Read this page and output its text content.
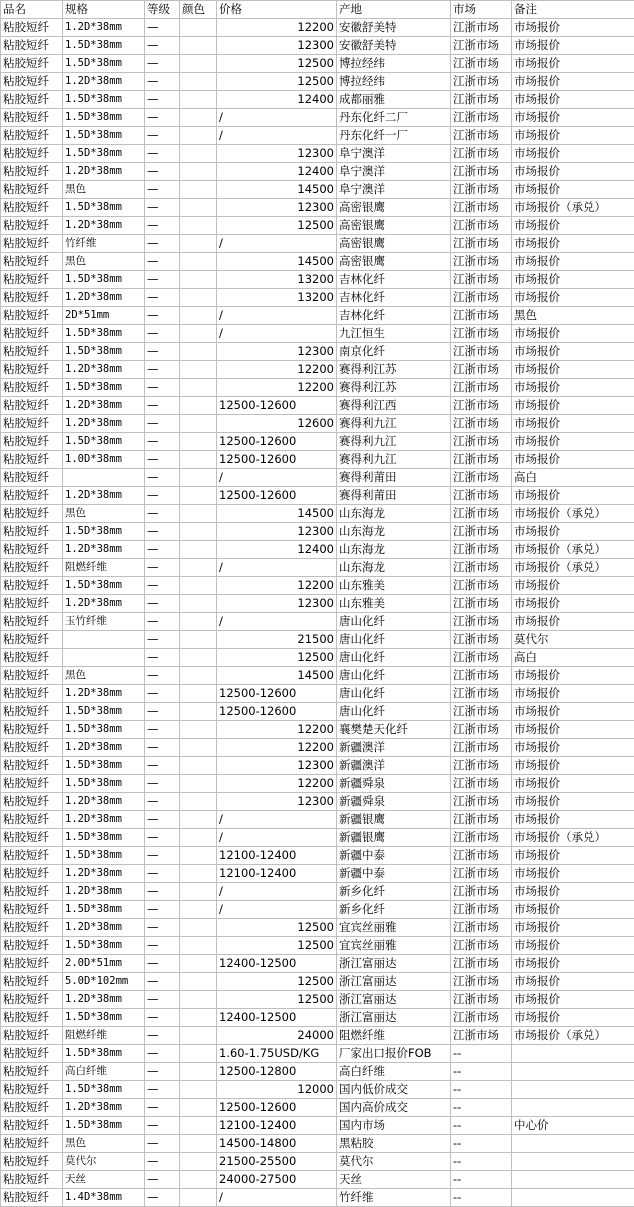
品名	规格	等级	颜色	价格	产地	市场	备注
粘胶短纤	1.2D*38mm	—		12200	安徽舒美特	江浙市场	市场报价
粘胶短纤	1.5D*38mm	—		12300	安徽舒美特	江浙市场	市场报价
粘胶短纤	1.5D*38mm	—		12500	博拉经纬	江浙市场	市场报价
粘胶短纤	1.2D*38mm	—		12500	博拉经纬	江浙市场	市场报价
粘胶短纤	1.5D*38mm	—		12400	成都丽雅	江浙市场	市场报价
粘胶短纤	1.5D*38mm	—		/	丹东化纤二厂	江浙市场	市场报价
粘胶短纤	1.5D*38mm	—		/	丹东化纤一厂	江浙市场	市场报价
粘胶短纤	1.5D*38mm	—		12300	阜宁澳洋	江浙市场	市场报价
粘胶短纤	1.2D*38mm	—		12400	阜宁澳洋	江浙市场	市场报价
粘胶短纤	黑色	—		14500	阜宁澳洋	江浙市场	市场报价
粘胶短纤	1.5D*38mm	—		12300	高密银鹰	江浙市场	市场报价（承兑）
粘胶短纤	1.2D*38mm	—		12500	高密银鹰	江浙市场	市场报价
粘胶短纤	竹纤维	—		/	高密银鹰	江浙市场	市场报价
粘胶短纤	黑色	—		14500	高密银鹰	江浙市场	市场报价
粘胶短纤	1.5D*38mm	—		13200	吉林化纤	江浙市场	市场报价
粘胶短纤	1.2D*38mm	—		13200	吉林化纤	江浙市场	市场报价
粘胶短纤	2D*51mm	—		/	吉林化纤	江浙市场	黑色
粘胶短纤	1.5D*38mm	—		/	九江恒生	江浙市场	市场报价
粘胶短纤	1.5D*38mm	—		12300	南京化纤	江浙市场	市场报价
粘胶短纤	1.2D*38mm	—		12200	赛得利江苏	江浙市场	市场报价
粘胶短纤	1.5D*38mm	—		12200	赛得利江苏	江浙市场	市场报价
粘胶短纤	1.2D*38mm	—		12500-12600	赛得利江西	江浙市场	市场报价
粘胶短纤	1.2D*38mm	—		12600	赛得利九江	江浙市场	市场报价
粘胶短纤	1.5D*38mm	—		12500-12600	赛得利九江	江浙市场	市场报价
粘胶短纤	1.0D*38mm	—		12500-12600	赛得利九江	江浙市场	市场报价
粘胶短纤		—		/	赛得利莆田	江浙市场	高白
粘胶短纤	1.2D*38mm	—		12500-12600	赛得利莆田	江浙市场	市场报价
粘胶短纤	黑色	—		14500	山东海龙	江浙市场	市场报价（承兑）
粘胶短纤	1.5D*38mm	—		12300	山东海龙	江浙市场	市场报价
粘胶短纤	1.2D*38mm	—		12400	山东海龙	江浙市场	市场报价（承兑）
粘胶短纤	阻燃纤维	—		/	山东海龙	江浙市场	市场报价（承兑）
粘胶短纤	1.5D*38mm	—		12200	山东雅美	江浙市场	市场报价
粘胶短纤	1.2D*38mm	—		12300	山东雅美	江浙市场	市场报价
粘胶短纤	玉竹纤维	—		/	唐山化纤	江浙市场	市场报价
粘胶短纤		—		21500	唐山化纤	江浙市场	莫代尔
粘胶短纤		—		12500	唐山化纤	江浙市场	高白
粘胶短纤	黑色	—		14500	唐山化纤	江浙市场	市场报价
粘胶短纤	1.2D*38mm	—		12500-12600	唐山化纤	江浙市场	市场报价
粘胶短纤	1.5D*38mm	—		12500-12600	唐山化纤	江浙市场	市场报价
粘胶短纤	1.5D*38mm	—		12200	襄樊楚天化纤	江浙市场	市场报价
粘胶短纤	1.2D*38mm	—		12200	新疆澳洋	江浙市场	市场报价
粘胶短纤	1.5D*38mm	—		12300	新疆澳洋	江浙市场	市场报价
粘胶短纤	1.5D*38mm	—		12200	新疆舜泉	江浙市场	市场报价
粘胶短纤	1.2D*38mm	—		12300	新疆舜泉	江浙市场	市场报价
粘胶短纤	1.2D*38mm	—		/	新疆银鹰	江浙市场	市场报价
粘胶短纤	1.5D*38mm	—		/	新疆银鹰	江浙市场	市场报价（承兑）
粘胶短纤	1.5D*38mm	—		12100-12400	新疆中泰	江浙市场	市场报价
粘胶短纤	1.2D*38mm	—		12100-12400	新疆中泰	江浙市场	市场报价
粘胶短纤	1.2D*38mm	—		/	新乡化纤	江浙市场	市场报价
粘胶短纤	1.5D*38mm	—		/	新乡化纤	江浙市场	市场报价
粘胶短纤	1.2D*38mm	—		12500	宜宾丝丽雅	江浙市场	市场报价
粘胶短纤	1.5D*38mm	—		12500	宜宾丝丽雅	江浙市场	市场报价
粘胶短纤	2.0D*51mm	—		12400-12500	浙江富丽达	江浙市场	市场报价
粘胶短纤	5.0D*102mm	—		12500	浙江富丽达	江浙市场	市场报价
粘胶短纤	1.2D*38mm	—		12500	浙江富丽达	江浙市场	市场报价
粘胶短纤	1.5D*38mm	—		12400-12500	浙江富丽达	江浙市场	市场报价
粘胶短纤	阻燃纤维	—		24000	阻燃纤维	江浙市场	市场报价（承兑）
粘胶短纤	1.5D*38mm	—		1.60-1.75USD/KG	厂家出口报价FOB	--	
粘胶短纤	高白纤维	—		12500-12800	高白纤维	--	
粘胶短纤	1.5D*38mm	—		12000	国内低价成交	--	
粘胶短纤	1.2D*38mm	—		12500-12600	国内高价成交	--	
粘胶短纤	1.5D*38mm	—		12100-12400	国内市场	--	中心价
粘胶短纤	黑色	—		14500-14800	黑粘胶	--	
粘胶短纤	莫代尔	—		21500-25500	莫代尔	--	
粘胶短纤	天丝	—		24000-27500	天丝	--	
粘胶短纤	1.4D*38mm	—		/	竹纤维	--	
